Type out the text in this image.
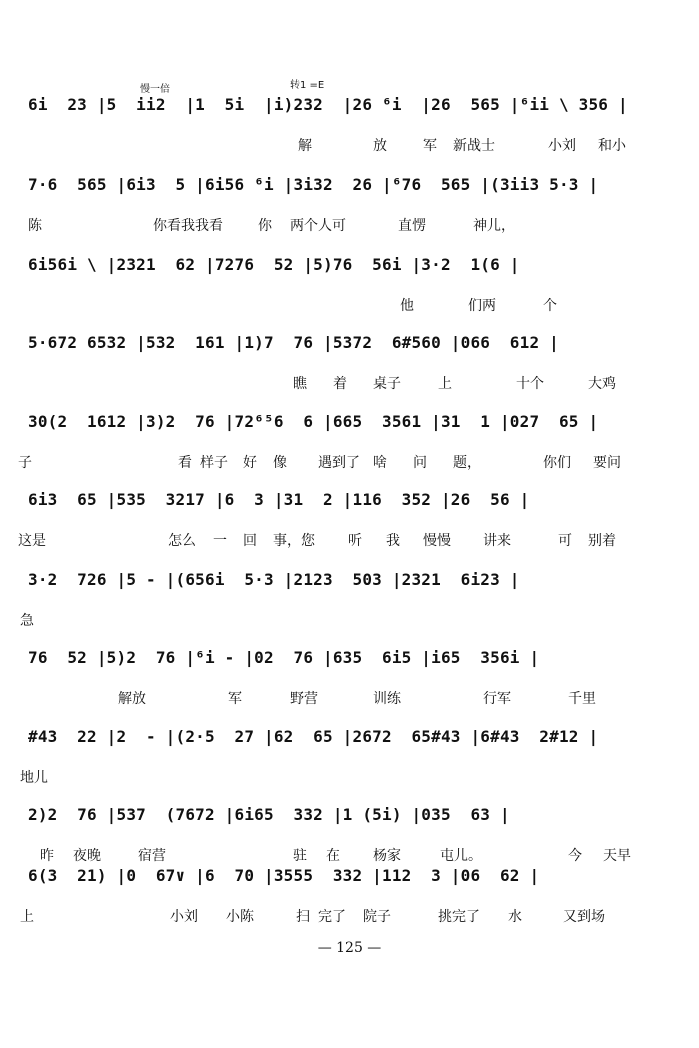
慢一倍	转1 =E
6i  23 |5  ii2  |1  5i  |i)232  |26 ⁶i  |26  565 |⁶ii \ 356 |
解	放	军 新战士	小刘 和小
7·6  565 |6i3  5 |6i56 ⁶i |3i32  26 |⁶76  565 |(3ii3 5·3 |
陈	你看我我看	你 两个人可	直愣	神儿，
6i56i \ |2321  62 |7276  52 |5)76  56i |3·2  1(6 |
他	们两	个
5·672 6532 |532  161 |1)7  76 |5372  6#560 |066  612 |
瞧 着 桌子	上	十个	大鸡
30(2  1612 |3)2  76 |72⁶⁵6  6 |665  3561 |31  1 |027  65 |
子	看 样子 好 像 遇到了 啥 问 题，	你们 要问
6i3  65 |535  3217 |6  3 |31  2 |116  352 |26  56 |
这是	怎么 一 回 事，您 听 我 慢慢 讲来	可 别着
3·2  726 |5 - |(656i  5·3 |2123  503 |2321  6i23 |
急
76  52 |5)2  76 |⁶i - |02  76 |635  6i5 |i65  356i |
解放	军	野营	训练	行军	千里
#43  22 |2  - |(2·5  27 |62  65 |2672  65#43 |6#43  2#12 |
地儿
2)2  76 |537  (7672 |6i65  332 |1 (5i) |035  63 |
昨 夜晚	宿营	驻 在 杨家	屯儿。	今 天早
6(3  21) |0  67∨ |6  70 |3555  332 |112  3 |06  62 |
上	小刘 小陈	扫 完了 院子	挑完了 水	又到场
— 125 —
